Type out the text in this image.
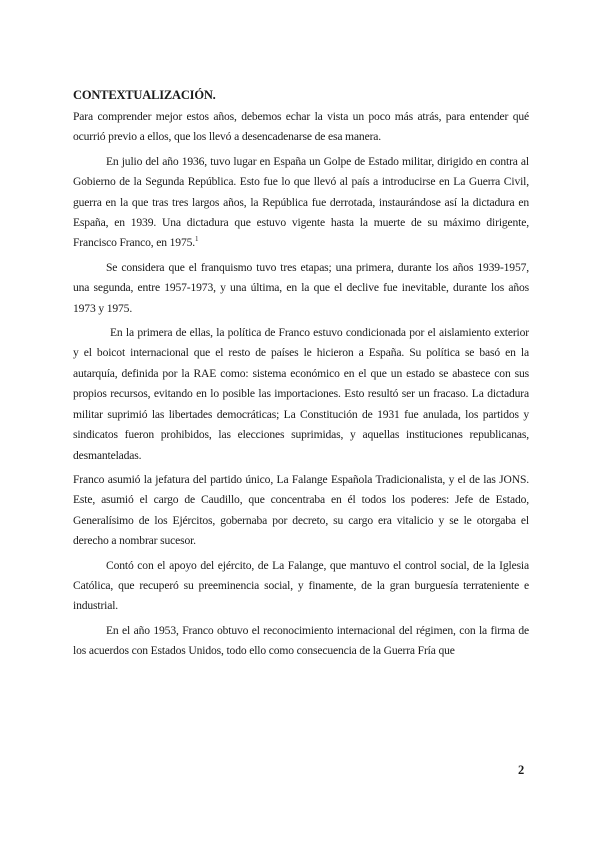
CONTEXTUALIZACIÓN.

Para comprender mejor estos años, debemos echar la vista un poco más atrás, para entender qué ocurrió previo a ellos, que los llevó a desencadenarse de esa manera.

En julio del año 1936, tuvo lugar en España un Golpe de Estado militar, dirigido en contra al Gobierno de la Segunda República. Esto fue lo que llevó al país a introducirse en La Guerra Civil, guerra en la que tras tres largos años, la República fue derrotada, instaurándose así la dictadura en España, en 1939. Una dictadura que estuvo vigente hasta la muerte de su máximo dirigente, Francisco Franco, en 1975.$^1$

Se considera que el franquismo tuvo tres etapas; una primera, durante los años 1939-1957, una segunda, entre 1957-1973, y una última, en la que el declive fue inevitable, durante los años 1973 y 1975.

En la primera de ellas, la política de Franco estuvo condicionada por el aislamiento exterior y el boicot internacional que el resto de países le hicieron a España. Su política se basó en la autarquía, definida por la RAE como: sistema económico en el que un estado se abastece con sus propios recursos, evitando en lo posible las importaciones. Esto resultó ser un fracaso. La dictadura militar suprimió las libertades democráticas; La Constitución de 1931 fue anulada, los partidos y sindicatos fueron prohibidos, las elecciones suprimidas, y aquellas instituciones republicanas, desmanteladas.

Franco asumió la jefatura del partido único, La Falange Española Tradicionalista, y el de las JONS. Este, asumió el cargo de Caudillo, que concentraba en él todos los poderes: Jefe de Estado, Generalísimo de los Ejércitos, gobernaba por decreto, su cargo era vitalicio y se le otorgaba el derecho a nombrar sucesor.

Contó con el apoyo del ejército, de La Falange, que mantuvo el control social, de la Iglesia Católica, que recuperó su preeminencia social, y finamente, de la gran burguesía terrateniente e industrial.

En el año 1953, Franco obtuvo el reconocimiento internacional del régimen, con la firma de los acuerdos con Estados Unidos, todo ello como consecuencia de la Guerra Fría que

2
